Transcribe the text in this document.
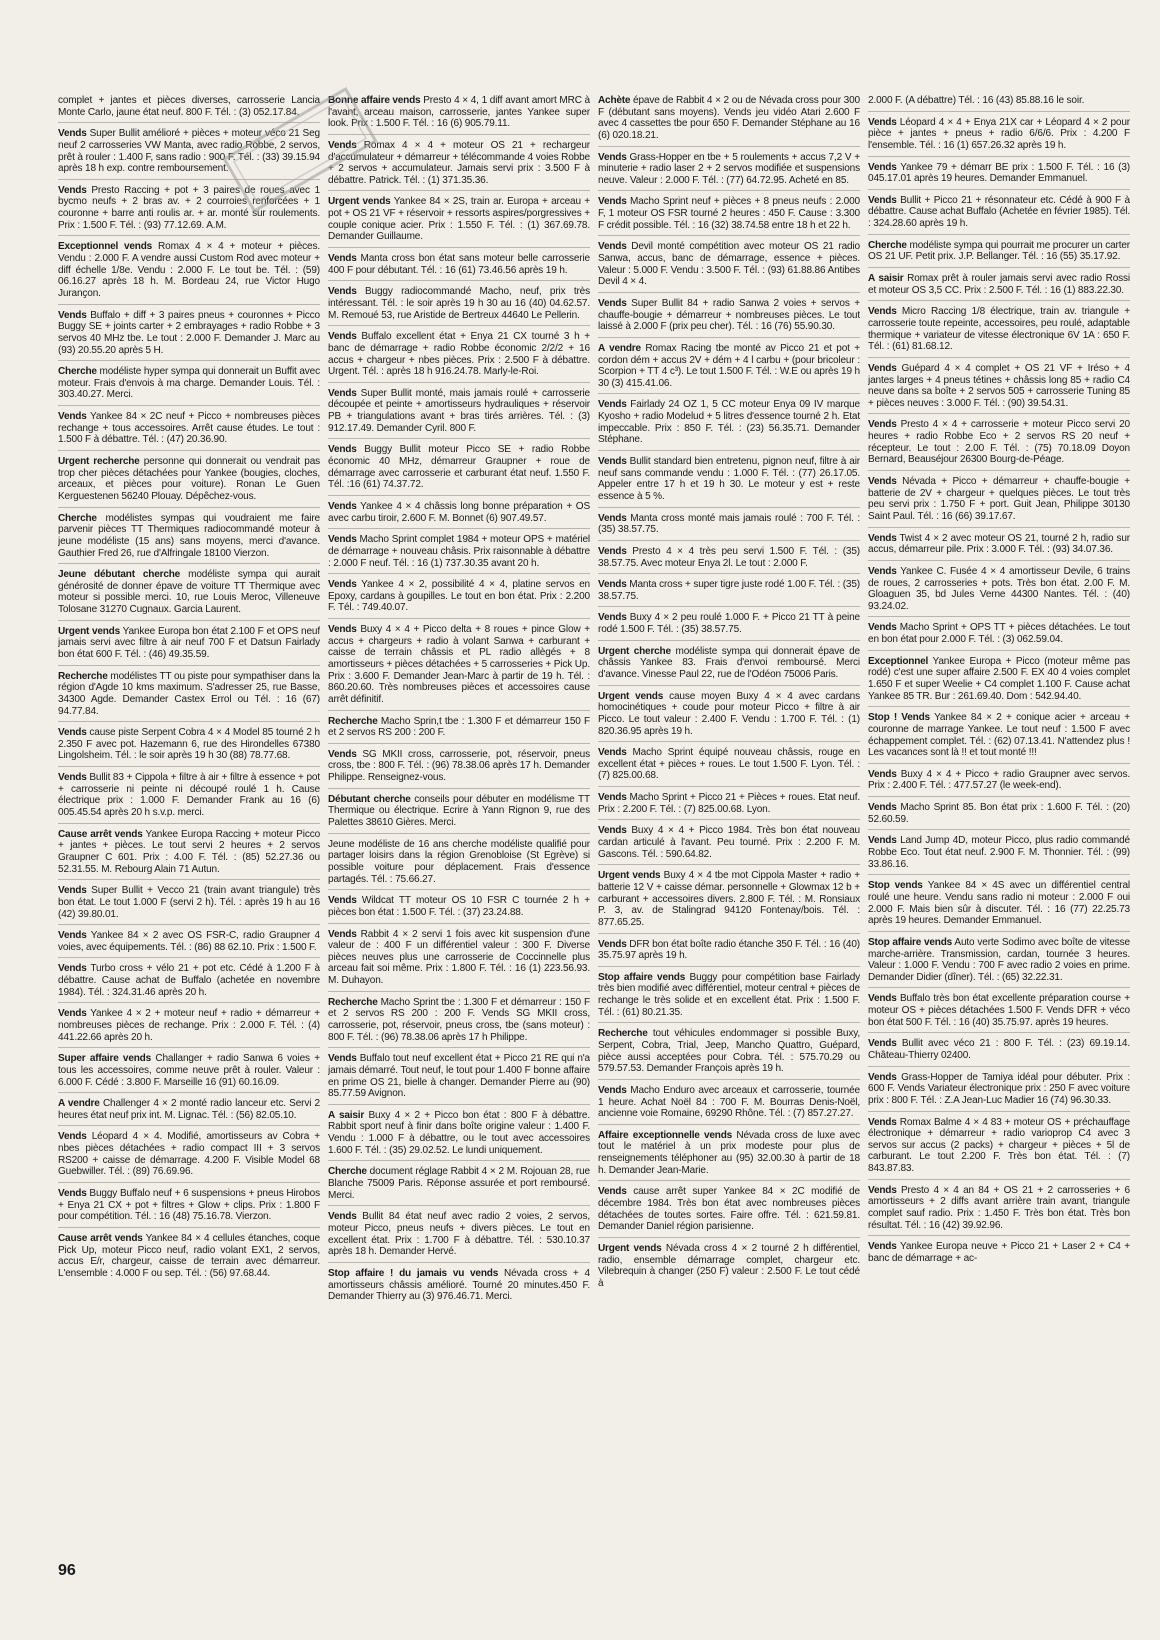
complet + jantes et pièces diverses, carrosserie Lancia Monte Carlo, jaune état neuf. 800 F. Tél. : (3) 052.17.84.

Vends Super Bullit amélioré + pièces + moteur véco 21 Seg neuf 2 carrosseries VW Manta, avec radio Robbe, 2 servos, prêt à rouler : 1.400 F, sans radio : 900 F. Tél. : (33) 39.15.94 après 18 h exp. contre remboursement.

Vends Presto Raccing + pot + 3 paires de roues avec 1 bycmo neufs + 2 bras av. + 2 courroies renforcées + 1 couronne + barre anti roulis ar. + ar. monté sur roulements. Prix : 1.500 F. Tél. : (93) 77.12.69. A.M.

Exceptionnel vends Romax 4 × 4 + moteur + pièces. Vendu : 2.000 F. A vendre aussi Custom Rod avec moteur + diff échelle 1/8e. Vendu : 2.000 F. Le tout be. Tél. : (59) 06.16.27 après 18 h. M. Bordeau 24, rue Victor Hugo Juranҫon.

Vends Buffalo + diff + 3 paires pneus + couronnes + Picco Buggy SE + joints carter + 2 embrayages + radio Robbe + 3 servos 40 MHz tbe. Le tout : 2.000 F. Demander J. Marc au (93) 20.55.20 après 5 H.

Cherche modéliste hyper sympa qui donnerait un Buffit avec moteur. Frais d'envois à ma charge. Demander Louis. Tél. : 303.40.27. Merci.

Vends Yankee 84 × 2C neuf + Picco + nombreuses pièces rechange + tous accessoires. Arrêt cause études. Le tout : 1.500 F à débattre. Tél. : (47) 20.36.90.

Urgent recherche personne qui donnerait ou vendrait pas trop cher pièces détachées pour Yankee (bougies, cloches, arceaux, et pièces pour voiture). Ronan Le Guen Kerguestenen 56240 Plouay. Dépêchez-vous.

Cherche modélistes sympas qui voudraient me faire parvenir pièces TT Thermiques radiocommandé moteur à jeune modéliste (15 ans) sans moyens, merci d'avance. Gauthier Fred 26, rue d'Alfringale 18100 Vierzon.

Jeune débutant cherche modéliste sympa qui aurait générosité de donner épave de voiture TT Thermique avec moteur si possible merci. 10, rue Louis Meroc, Villeneuve Tolosane 31270 Cugnaux. Garcia Laurent.

Urgent vends Yankee Europa bon état 2.100 F et OPS neuf jamais servi avec filtre à air neuf 700 F et Datsun Fairlady bon état 600 F. Tél. : (46) 49.35.59.

Recherche modélistes TT ou piste pour sympathiser dans la région d'Agde 10 kms maximum. S'adresser 25, rue Basse, 34300 Agde. Demander Castex Errol ou Tél. : 16 (67) 94.77.84.

Vends cause piste Serpent Cobra 4 × 4 Model 85 tourné 2 h 2.350 F avec pot. Hazemann 6, rue des Hirondelles 67380 Lingolsheim. Tél. : le soir après 19 h 30 (88) 78.77.68.

Vends Bullit 83 + Cippola + filtre à air + filtre à essence + pot + carrosserie ni peinte ni découpé roulé 1 h. Cause électrique prix : 1.000 F. Demander Frank au 16 (6) 005.45.54 après 20 h s.v.p. merci.

Cause arrêt vends Yankee Europa Raccing + moteur Picco + jantes + pièces. Le tout servi 2 heures + 2 servos Graupner C 601. Prix : 4.00 F. Tél. : (85) 52.27.36 ou 52.31.55. M. Rebourg Alain 71 Autun.

Vends Super Bullit + Vecco 21 (train avant triangule) très bon état. Le tout 1.000 F (servi 2 h). Tél. : après 19 h au 16 (42) 39.80.01.

Vends Yankee 84 × 2 avec OS FSR-C, radio Graupner 4 voies, avec équipements. Tél. : (86) 88 62.10. Prix : 1.500 F.

Vends Turbo cross + vélo 21 + pot etc. Cédé à 1.200 F à débattre. Cause achat de Buffalo (achetée en novembre 1984). Tél. : 324.31.46 après 20 h.

Vends Yankee 4 × 2 + moteur neuf + radio + démarreur + nombreuses pièces de rechange. Prix : 2.000 F. Tél. : (4) 441.22.66 après 20 h.

Super affaire vends Challanger + radio Sanwa 6 voies + tous les accessoires, comme neuve prêt à rouler. Valeur : 6.000 F. Cédé : 3.800 F. Marseille 16 (91) 60.16.09.

A vendre Challenger 4 × 2 monté radio lanceur etc. Servi 2 heures état neuf prix int. M. Lignac. Tél. : (56) 82.05.10.

Vends Léopard 4 × 4. Modifié, amortisseurs av Cobra + nbes pièces détachées + radio compact III + 3 servos RS200 + caisse de démarrage. 4.200 F. Visible Model 68 Guebwiller. Tél. : (89) 76.69.96.

Vends Buggy Buffalo neuf + 6 suspensions + pneus Hirobos + Enya 21 CX + pot + filtres + Glow + clips. Prix : 1.800 F pour compétition. Tél. : 16 (48) 75.16.78. Vierzon.

Cause arrêt vends Yankee 84 × 4 cellules étanches, coque Pick Up, moteur Picco neuf, radio volant EX1, 2 servos, accus E/r, chargeur, caisse de terrain avec démarreur. L'ensemble : 4.000 F ou sep. Tél. : (56) 97.68.44.

Bonne affaire vends Presto 4 × 4, 1 diff avant amort MRC à l'avant, arceau maison, carrosserie, jantes Yankee super look. Prix : 1.500 F. Tél. : 16 (6) 905.79.11.

Vends Romax 4 × 4 + moteur OS 21 + rechargeur d'accumulateur + démarreur + télécommande 4 voies Robbe + 2 servos + accumulateur. Jamais servi prix : 3.500 F à débattre. Patrick. Tél. : (1) 371.35.36.

Urgent vends Yankee 84 × 2S, train ar. Europa + arceau + pot + OS 21 VF + réservoir + ressorts aspires/porgressives + couple conique acier. Prix : 1.550 F. Tél. : (1) 367.69.78. Demander Guillaume.

Vends Manta cross bon état sans moteur belle carrosserie 400 F pour débutant. Tél. : 16 (61) 73.46.56 après 19 h.

Vends Buggy radiocommandé Macho, neuf, prix très intéressant. Tél. : le soir après 19 h 30 au 16 (40) 04.62.57. M. Remoué 53, rue Aristide de Bertreux 44640 Le Pellerin.

Vends Buffalo excellent état + Enya 21 CX tourné 3 h + banc de démarrage + radio Robbe économic 2/2/2 + 16 accus + chargeur + nbes pièces. Prix : 2.500 F à débattre. Urgent. Tél. : après 18 h 916.24.78. Marly-le-Roi.

Vends Super Bullit monté, mais jamais roulé + carrosserie découpée et peinte + amortisseurs hydrauliques + réservoir PB + triangulations avant + bras tirés arrières. Tél. : (3) 912.17.49. Demander Cyril. 800 F.

Vends Buggy Bullit moteur Picco SE + radio Robbe économic 40 MHz, démarreur Graupner + roue de démarrage avec carrosserie et carburant état neuf. 1.550 F. Tél. :16 (61) 74.37.72.

Vends Yankee 4 × 4 châssis long bonne préparation + OS avec carbu tiroir, 2.600 F. M. Bonnet (6) 907.49.57.

Vends Macho Sprint complet 1984 + moteur OPS + matériel de démarrage + nouveau châsis. Prix raisonnable à débattre : 2.000 F neuf. Tél. : 16 (1) 737.30.35 avant 20 h.

Vends Yankee 4 × 2, possibilité 4 × 4, platine servos en Epoxy, cardans à goupilles. Le tout en bon état. Prix : 2.200 F. Tél. : 749.40.07.

Vends Buxy 4 × 4 + Picco delta + 8 roues + pince Glow + accus + chargeurs + radio à volant Sanwa + carburant + caisse de terrain châssis et PL radio allègés + 8 amortisseurs + pièces détachées + 5 carrosseries + Pick Up. Prix : 3.600 F. Demander Jean-Marc à partir de 19 h. Tél. : 860.20.60. Très nombreuses pièces et accessoires cause arrêt définitif.

Recherche Macho Sprin,t tbe : 1.300 F et démarreur 150 F et 2 servos RS 200 : 200 F.

Vends SG MKII cross, carrosserie, pot, réservoir, pneus cross, tbe : 800 F. Tél. : (96) 78.38.06 après 17 h. Demander Philippe. Renseignez-vous.

Débutant cherche conseils pour débuter en modélisme TT Thermique ou électrique. Ecrire à Yann Rignon 9, rue des Palettes 38610 Gières. Merci.

Jeune modéliste de 16 ans cherche modéliste qualifié pour partager loisirs dans la région Grenobloise (St Egrève) si possible voiture pour déplacement. Frais d'essence partagés. Tél. : 75.66.27.

Vends Wildcat TT moteur OS 10 FSR C tournée 2 h + pièces bon état : 1.500 F. Tél. : (37) 23.24.88.

Vends Rabbit 4 × 2 servi 1 fois avec kit suspension d'une valeur de : 400 F un différentiel valeur : 300 F. Diverse pièces neuves plus une carrosserie de Coccinnelle plus arceau fait soi même. Prix : 1.800 F. Tél. : 16 (1) 223.56.93. M. Duhayon.

Recherche Macho Sprint tbe : 1.300 F et démarreur : 150 F et 2 servos RS 200 : 200 F. Vends SG MKII cross, carrosserie, pot, réservoir, pneus cross, tbe (sans moteur) : 800 F. Tél. : (96) 78.38.06 après 17 h Philippe.

Vends Buffalo tout neuf excellent état + Picco 21 RE qui n'a jamais démarré. Tout neuf, le tout pour 1.400 F bonne affaire en prime OS 21, bielle à changer. Demander Pierre au (90) 85.77.59 Avignon.

A saisir Buxy 4 × 2 + Picco bon état : 800 F à débattre. Rabbit sport neuf à finir dans boîte origine valeur : 1.400 F. Vendu : 1.000 F à débattre, ou le tout avec accessoires 1.600 F. Tél. : (35) 29.02.52. Le lundi uniquement.

Cherche document réglage Rabbit 4 × 2 M. Rojouan 28, rue Blanche 75009 Paris. Réponse assurée et port remboursé. Merci.

Vends Bullit 84 état neuf avec radio 2 voies, 2 servos, moteur Picco, pneus neufs + divers pièces. Le tout en excellent état. Prix : 1.700 F à débattre. Tél. : 530.10.37 après 18 h. Demander Hervé.

Stop affaire ! du jamais vu vends Névada cross + 4 amortisseurs châssis amélioré. Tourné 20 minutes.450 F. Demander Thierry au (3) 976.46.71. Merci.

Achète épave de Rabbit 4 × 2 ou de Névada cross pour 300 F (débutant sans moyens). Vends jeu vidéo Atari 2.600 F avec 4 cassettes tbe pour 650 F. Demander Stéphane au 16 (6) 020.18.21.

Vends Grass-Hopper en tbe + 5 roulements + accus 7,2 V + minuterie + radio laser 2 + 2 servos modifiée et suspensions neuve. Valeur : 2.000 F. Tél. : (77) 64.72.95. Acheté en 85.

Vends Macho Sprint neuf + pièces + 8 pneus neufs : 2.000 F, 1 moteur OS FSR tourné 2 heures : 450 F. Cause : 3.300 F crédit possible. Tél. : 16 (32) 38.74.58 entre 18 h et 22 h.

Vends Devil monté compétition avec moteur OS 21 radio Sanwa, accus, banc de démarrage, essence + pièces. Valeur : 5.000 F. Vendu : 3.500 F. Tél. : (93) 61.88.86 Antibes Devil 4 × 4.

Vends Super Bullit 84 + radio Sanwa 2 voies + servos + chauffe-bougie + démarreur + nombreuses pièces. Le tout laissé à 2.000 F (prix peu cher). Tél. : 16 (76) 55.90.30.

A vendre Romax Racing tbe monté av Picco 21 et pot + cordon dém + accus 2V + dém + 4 l carbu + (pour bricoleur : Scorpion + TT 4 c³). Le tout 1.500 F. Tél. : W.E ou après 19 h 30 (3) 415.41.06.

Vends Fairlady 24 OZ 1, 5 CC moteur Enya 09 IV marque Kyosho + radio Modelud + 5 litres d'essence tourné 2 h. Etat impeccable. Prix : 850 F. Tél. : (23) 56.35.71. Demander Stéphane.

Vends Bullit standard bien entretenu, pignon neuf, filtre à air neuf sans commande vendu : 1.000 F. Tél. : (77) 26.17.05. Appeler entre 17 h et 19 h 30. Le moteur y est + reste essence à 5 %.

Vends Manta cross monté mais jamais roulé : 700 F. Tél. : (35) 38.57.75.

Vends Presto 4 × 4 très peu servi 1.500 F. Tél. : (35) 38.57.75. Avec moteur Enya 2l. Le tout : 2.000 F.

Vends Manta cross + super tigre juste rodé 1.00 F. Tél. : (35) 38.57.75.

Vends Buxy 4 × 2 peu roulé 1.000 F. + Picco 21 TT à peine rodé 1.500 F. Tél. : (35) 38.57.75.

Urgent cherche modéliste sympa qui donnerait épave de châssis Yankee 83. Frais d'envoi remboursé. Merci d'avance. Vinesse Paul 22, rue de l'Odéon 75006 Paris.

Urgent vends cause moyen Buxy 4 × 4 avec cardans homocinétiques + coude pour moteur Picco + filtre à air Picco. Le tout valeur : 2.400 F. Vendu : 1.700 F. Tél. : (1) 820.36.95 après 19 h.

Vends Macho Sprint équipé nouveau châssis, rouge en excellent état + pièces + roues. Le tout 1.500 F. Lyon. Tél. : (7) 825.00.68.

Vends Macho Sprint + Picco 21 + Pièces + roues. Etat neuf. Prix : 2.200 F. Tél. : (7) 825.00.68. Lyon.

Vends Buxy 4 × 4 + Picco 1984. Très bon état nouveau cardan articulé à l'avant. Peu tourné. Prix : 2.200 F. M. Gascons. Tél. : 590.64.82.

Urgent vends Buxy 4 × 4 tbe mot Cippola Master + radio + batterie 12 V + caisse démar. personnelle + Glowmax 12 b + carburant + accessoires divers. 2.800 F. Tél. : M. Ronsiaux P. 3, av. de Stalingrad 94120 Fontenay/bois. Tél. : 877.65.25.

Vends DFR bon état boîte radio étanche 350 F. Tél. : 16 (40) 35.75.97 après 19 h.

Stop affaire vends Buggy pour compétition base Fairlady très bien modifié avec différentiel, moteur central + pièces de rechange le très solide et en excellent état. Prix : 1.500 F. Tél. : (61) 80.21.35.

Recherche tout véhicules endommager si possible Buxy, Serpent, Cobra, Trial, Jeep, Mancho Quattro, Guépard, pièce aussi acceptées pour Cobra. Tél. : 575.70.29 ou 579.57.53. Demander François après 19 h.

Vends Macho Enduro avec arceaux et carrosserie, tournée 1 heure. Achat Noël 84 : 700 F. M. Bourras Denis-Noël, ancienne voie Romaine, 69290 Rhône. Tél. : (7) 857.27.27.

Affaire exceptionnelle vends Névada cross de luxe avec tout le matériel à un prix modeste pour plus de renseignements téléphoner au (95) 32.00.30 à partir de 18 h. Demander Jean-Marie.

Vends cause arrêt super Yankee 84 × 2C modifié de décembre 1984. Très bon état avec nombreuses pièces détachées de toutes sortes. Faire offre. Tél. : 621.59.81. Demander Daniel région parisienne.

Urgent vends Névada cross 4 × 2 tourné 2 h différentiel, radio, ensemble démarrage complet, chargeur etc. Vilebrequin à changer (250 F) valeur : 2.500 F. Le tout cédé à

2.000 F. (A débattre) Tél. : 16 (43) 85.88.16 le soir.

Vends Léopard 4 × 4 + Enya 21X car + Léopard 4 × 2 pour pièce + jantes + pneus + radio 6/6/6. Prix : 4.200 F l'ensemble. Tél. : 16 (1) 657.26.32 après 19 h.

Vends Yankee 79 + démarr BE prix : 1.500 F. Tél. : 16 (3) 045.17.01 après 19 heures. Demander Emmanuel.

Vends Bullit + Picco 21 + résonnateur etc. Cédé à 900 F à débattre. Cause achat Buffalo (Achetée en février 1985). Tél. : 324.28.60 après 19 h.

Cherche modéliste sympa qui pourrait me procurer un carter OS 21 UF. Petit prix. J.P. Bellanger. Tél. : 16 (55) 35.17.92.

A saisir Romax prêt à rouler jamais servi avec radio Rossi et moteur OS 3,5 CC. Prix : 2.500 F. Tél. : 16 (1) 883.22.30.

Vends Micro Raccing 1/8 électrique, train av. triangule + carrosserie toute repeinte, accessoires, peu roulé, adaptable thermique + variateur de vitesse électronique 6V 1A : 650 F. Tél. : (61) 81.68.12.

Vends Guépard 4 × 4 complet + OS 21 VF + Iréso + 4 jantes larges + 4 pneus tétines + châssis long 85 + radio C4 neuve dans sa boîte + 2 servos 505 + carrosserie Tuning 85 + pièces neuves : 3.000 F. Tél. : (90) 39.54.31.

Vends Presto 4 × 4 + carrosserie + moteur Picco servi 20 heures + radio Robbe Eco + 2 servos RS 20 neuf + récepteur. Le tout : 2.00 F. Tél. : (75) 70.18.09 Doyon Bernard, Beauséjour 26300 Bourg-de-Péage.

Vends Névada + Picco + démarreur + chauffe-bougie + batterie de 2V + chargeur + quelques pièces. Le tout très peu servi prix : 1.750 F + port. Guit Jean, Philippe 30130 Saint Paul. Tél. : 16 (66) 39.17.67.

Vends Twist 4 × 2 avec moteur OS 21, tourné 2 h, radio sur accus, démarreur pile. Prix : 3.000 F. Tél. : (93) 34.07.36.

Vends Yankee C. Fusée 4 × 4 amortisseur Devile, 6 trains de roues, 2 carrosseries + pots. Très bon état. 2.00 F. M. Gloaguen 35, bd Jules Verne 44300 Nantes. Tél. : (40) 93.24.02.

Vends Macho Sprint + OPS TT + pièces détachées. Le tout en bon état pour 2.000 F. Tél. : (3) 062.59.04.

Exceptionnel Yankee Europa + Picco (moteur même pas rodé) c'est une super affaire 2.500 F. EX 40 4 voies complet 1.650 F et super Weelie + C4 complet 1.100 F. Cause achat Yankee 85 TR. Bur : 261.69.40. Dom : 542.94.40.

Stop ! Vends Yankee 84 × 2 + conique acier + arceau + couronne de marrage Yankee. Le tout neuf : 1.500 F avec échappement complet. Tél. : (62) 07.13.41. N'attendez plus ! Les vacances sont là !! et tout monté !!!

Vends Buxy 4 × 4 + Picco + radio Graupner avec servos. Prix : 2.400 F. Tél. : 477.57.27 (le week-end).

Vends Macho Sprint 85. Bon état prix : 1.600 F. Tél. : (20) 52.60.59.

Vends Land Jump 4D, moteur Picco, plus radio commandé Robbe Eco. Tout état neuf. 2.900 F. M. Thonnier. Tél. : (99) 33.86.16.

Stop vends Yankee 84 × 4S avec un différentiel central roulé une heure. Vendu sans radio ni moteur : 2.000 F oui 2.000 F. Mais bien sûr à discuter. Tél. : 16 (77) 22.25.73 après 19 heures. Demander Emmanuel.

Stop affaire vends Auto verte Sodimo avec boîte de vitesse marche-arrière. Transmission, cardan, tournée 3 heures. Valeur : 1.000 F. Vendu : 700 F avec radio 2 voies en prime. Demander Didier (dîner). Tél. : (65) 32.22.31.

Vends Buffalo très bon état excellente préparation course + moteur OS + pièces détachées 1.500 F. Vends DFR + véco bon état 500 F. Tél. : 16 (40) 35.75.97. après 19 heures.

Vends Bullit avec véco 21 : 800 F. Tél. : (23) 69.19.14. Château-Thierry 02400.

Vends Grass-Hopper de Tamiya idéal pour débuter. Prix : 600 F. Vends Variateur électronique prix : 250 F avec voiture prix : 800 F. Tél. : Z.A Jean-Luc Madier 16 (74) 96.30.33.

Vends Romax Balme 4 × 4 83 + moteur OS + préchauffage électronique + démarreur + radio varioprop C4 avec 3 servos sur accus (2 packs) + chargeur + pièces + 5l de carburant. Le tout 2.200 F. Très bon état. Tél. : (7) 843.87.83.

Vends Presto 4 × 4 an 84 + OS 21 + 2 carrosseries + 6 amortisseurs + 2 diffs avant arrière train avant, triangule complet sauf radio. Prix : 1.450 F. Très bon état. Très bon résultat. Tél. : 16 (42) 39.92.96.

Vends Yankee Europa neuve + Picco 21 + Laser 2 + C4 + banc de démarrage + ac-

96
